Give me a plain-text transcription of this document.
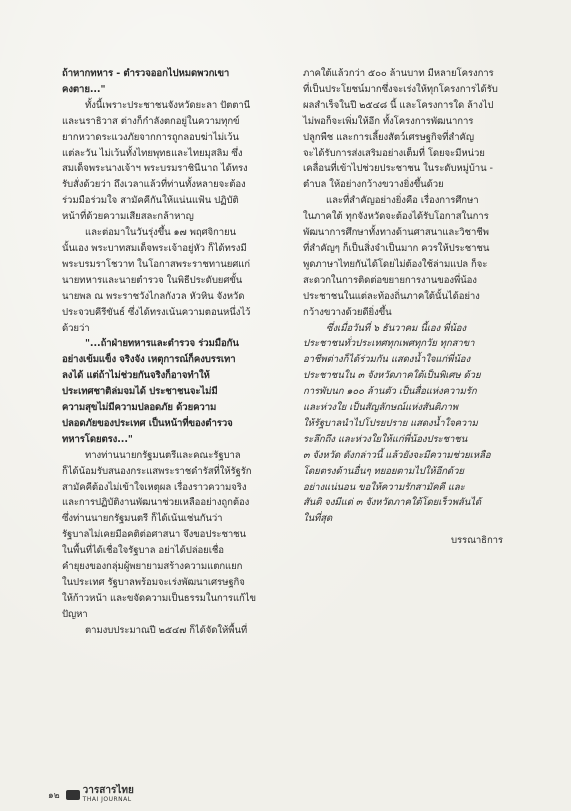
ถ้าหากทหาร - ตำรวจออกไปหมดพวกเขา
คงตาย..."

ทั้งนี้เพราะประชาชนจังหวัดยะลา ปัตตานี
และนราธิวาส ต่างก็กำลังตกอยู่ในความทุกข์
ยากหวาดระแวงภัยจากการถูกลอบฆ่าไม่เว้น
แต่ละวัน ไม่เว้นทั้งไทยพุทธและไทยมุสลิม ซึ่ง
สมเด็จพระนางเจ้าฯ พระบรมราชินีนาถ ได้ทรง
รับสั่งด้วยว่า ถึงเวลาแล้วที่ท่านทั้งหลายจะต้อง
ร่วมมือร่วมใจ สามัคคีกันให้แน่นแฟ้น ปฏิบัติ
หน้าที่ด้วยความเสียสละกล้าหาญ

และต่อมาในวันรุ่งขึ้น ๑๗ พฤศจิกายน
นั้นเอง พระบาทสมเด็จพระเจ้าอยู่หัว ก็ได้ทรงมี
พระบรมราโชวาท ในโอกาสพระราชทานยศแก่
นายทหารและนายตำรวจ ในพิธีประดับยศขั้น
นายพล ณ พระราชวังไกลกังวล หัวหิน จังหวัด
ประจวบคีรีขันธ์ ซึ่งได้ทรงเน้นความตอนหนึ่งไว้
ด้วยว่า

"...ถ้าฝ่ายทหารและตำรวจ ร่วมมือกัน
อย่างเข้มแข็ง จริงจัง เหตุการณ์ก็คงบรรเทา
ลงได้ แต่ถ้าไม่ช่วยกันจริงก็อาจทำให้
ประเทศชาติล่มจมได้ ประชาชนจะไม่มี
ความสุขไม่มีความปลอดภัย ด้วยความ
ปลอดภัยของประเทศ เป็นหน้าที่ของตำรวจ
ทหารโดยตรง..."

ทางท่านนายกรัฐมนตรีและคณะรัฐบาล
ก็ได้น้อมรับสนองกระแสพระราชดำรัสที่ให้รัฐรัก
สามัคคีต้องไม่เข้าใจเหตุผล เรื่องราวความจริง
และการปฏิบัติงานพัฒนาช่วยเหลืออย่างถูกต้อง
ซึ่งท่านนายกรัฐมนตรี ก็ได้เน้นเช่นกันว่า
รัฐบาลไม่เคยมีอคติต่อศาสนา จึงขอประชาชน
ในพื้นที่ได้เชื่อใจรัฐบาล อย่าได้ปล่อยเชื่อ
คำยุยงของกลุ่มผู้พยายามสร้างความแตกแยก
ในประเทศ รัฐบาลพร้อมจะเร่งพัฒนาเศรษฐกิจ
ให้ก้าวหน้า และขจัดความเป็นธรรมในการแก้ไข
ปัญหา

ตามงบประมาณปี ๒๕๔๗ ก็ได้จัดให้พื้นที่

ภาคใต้แล้วกว่า ๕๐๐ ล้านบาท มีหลายโครงการ
ที่เป็นประโยชน์มากซึ่งจะเร่งให้ทุกโครงการได้รับ
ผลสำเร็จในปี ๒๕๔๘ นี้ และโครงการใด ล้างไป
ไม่พอก็จะเพิ่มให้อีก ทั้งโครงการพัฒนาการ
ปลูกพืช และการเลี้ยงสัตว์เศรษฐกิจที่สำคัญ
จะได้รับการส่งเสริมอย่างเต็มที่ โดยจะมีหน่วย
เคลื่อนที่เข้าไปช่วยประชาชน ในระดับหมู่บ้าน -
ตำบล ให้อย่างกว้างขวางยิ่งขึ้นด้วย

และที่สำคัญอย่างยิ่งคือ เรื่องการศึกษา
ในภาคใต้ ทุกจังหวัดจะต้องได้รับโอกาสในการ
พัฒนาการศึกษาทั้งทางด้านศาสนาและวิชาชีพ
ที่สำคัญๆ ก็เป็นสิ่งจำเป็นมาก ควรให้ประชาชน
พูดภาษาไทยกันได้โดยไม่ต้องใช้ล่ามแปล ก็จะ
สะดวกในการติดต่อขยายการงานของพี่น้อง
ประชาชนในแต่ละท้องถิ่นภาคใต้นั้นได้อย่าง
กว้างขวางด้วยดียิ่งขึ้น

ซึ่งเมื่อวันที่ ๖ ธันวาคม นี้เอง พี่น้อง
ประชาชนทั่วประเทศทุกเพศทุกวัย ทุกสาขา
อาชีพต่างก็ได้ร่วมกัน แสดงน้ำใจแก่พี่น้อง
ประชาชนใน ๓ จังหวัดภาคใต้เป็นพิเศษ ด้วย
การพับนก ๑๐๐ ล้านตัว เป็นสื่อแห่งความรัก
และห่วงใย เป็นสัญลักษณ์แห่งสันติภาพ
ให้รัฐบาลนำไปโปรยปราย แสดงน้ำใจความ
ระลึกถึง และห่วงใยให้แก่พี่น้องประชาชน
๓ จังหวัด ดังกล่าวนี้ แล้วยังจะมีความช่วยเหลือ
โดยตรงด้านอื่นๆ ทยอยตามไปให้อีกด้วย
อย่างแน่นอน ขอให้ความรักสามัคคี และ
สันติ จงมีแด่ ๓ จังหวัดภาคใต้โดยเร็วพลันได้
ในที่สุด

บรรณาธิการ

๑๒ วารสารไทย
THAI JOURNAL
